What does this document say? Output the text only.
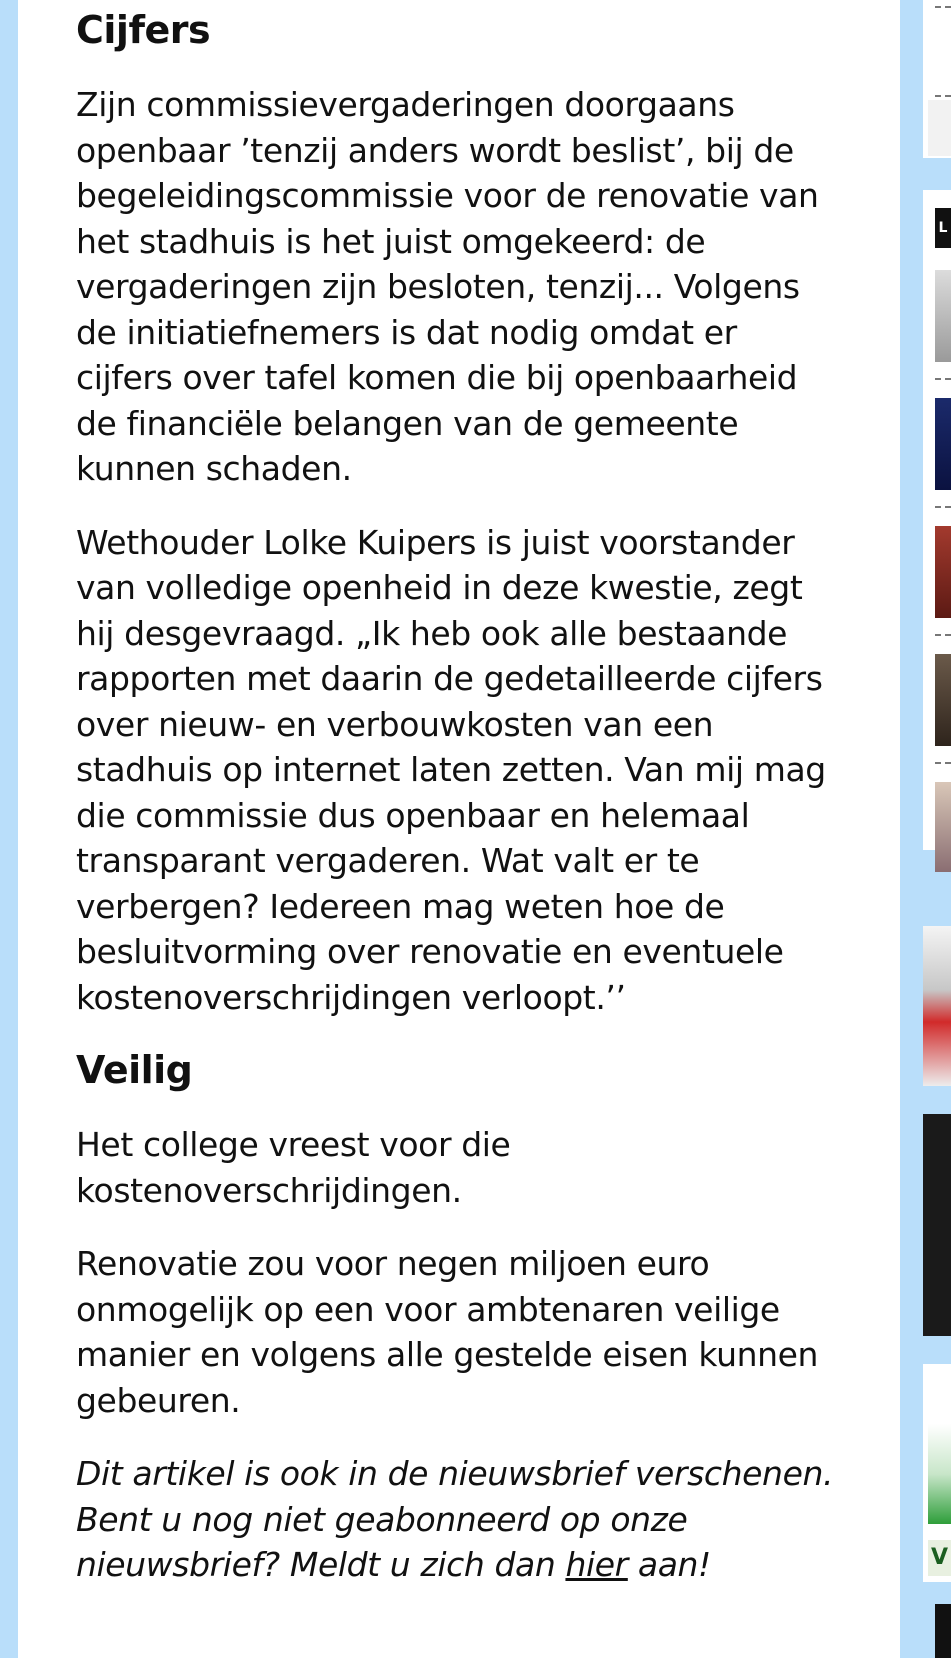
Cijfers

Zijn commissievergaderingen doorgaans openbaar ’tenzij anders wordt beslist’, bij de begeleidingscommissie voor de renovatie van het stadhuis is het juist omgekeerd: de vergaderingen zijn besloten, tenzij... Volgens de initiatiefnemers is dat nodig omdat er cijfers over tafel komen die bij openbaarheid de financiële belangen van de gemeente kunnen schaden.

Wethouder Lolke Kuipers is juist voorstander van volledige openheid in deze kwestie, zegt hij desgevraagd. „Ik heb ook alle bestaande rapporten met daarin de gedetailleerde cijfers over nieuw- en verbouwkosten van een stadhuis op internet laten zetten. Van mij mag die commissie dus openbaar en helemaal transparant vergaderen. Wat valt er te verbergen? Iedereen mag weten hoe de besluitvorming over renovatie en eventuele kostenoverschrijdingen verloopt.’’

Veilig

Het college vreest voor die kostenoverschrijdingen.

Renovatie zou voor negen miljoen euro onmogelijk op een voor ambtenaren veilige manier en volgens alle gestelde eisen kunnen gebeuren.

Dit artikel is ook in de nieuwsbrief verschenen. Bent u nog niet geabonneerd op onze nieuwsbrief? Meldt u zich dan hier aan!

L
V
